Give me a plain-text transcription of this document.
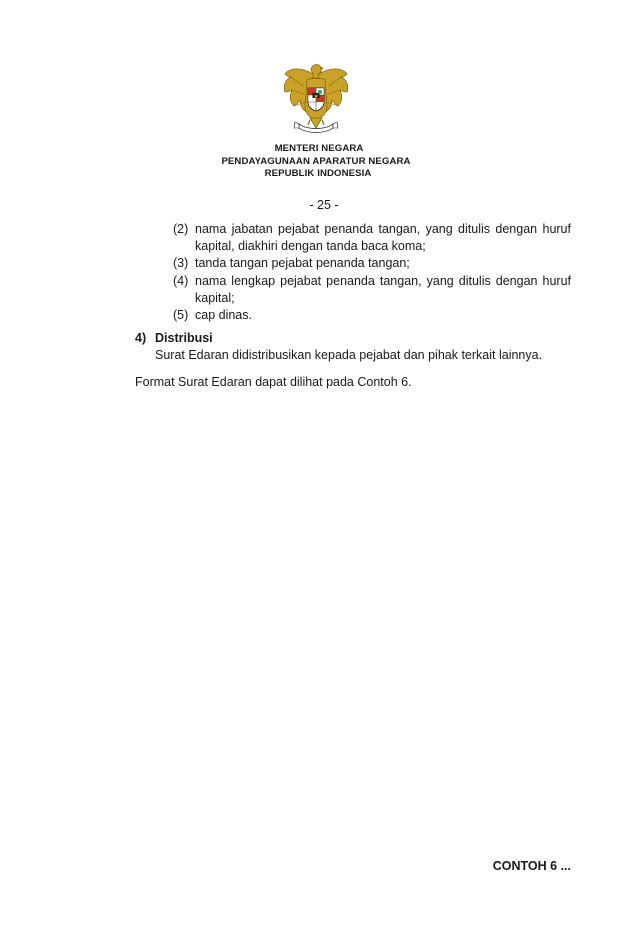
MENTERI NEGARA
PENDAYAGUNAAN APARATUR NEGARA
REPUBLIK INDONESIA
- 25 -
(2) nama jabatan pejabat penanda tangan, yang ditulis dengan huruf kapital, diakhiri dengan tanda baca koma;
(3) tanda tangan pejabat penanda tangan;
(4) nama lengkap pejabat penanda tangan, yang ditulis dengan huruf kapital;
(5) cap dinas.
4) Distribusi
Surat Edaran didistribusikan kepada pejabat dan pihak terkait lainnya.
Format Surat Edaran dapat dilihat pada Contoh 6.
CONTOH 6 ...
